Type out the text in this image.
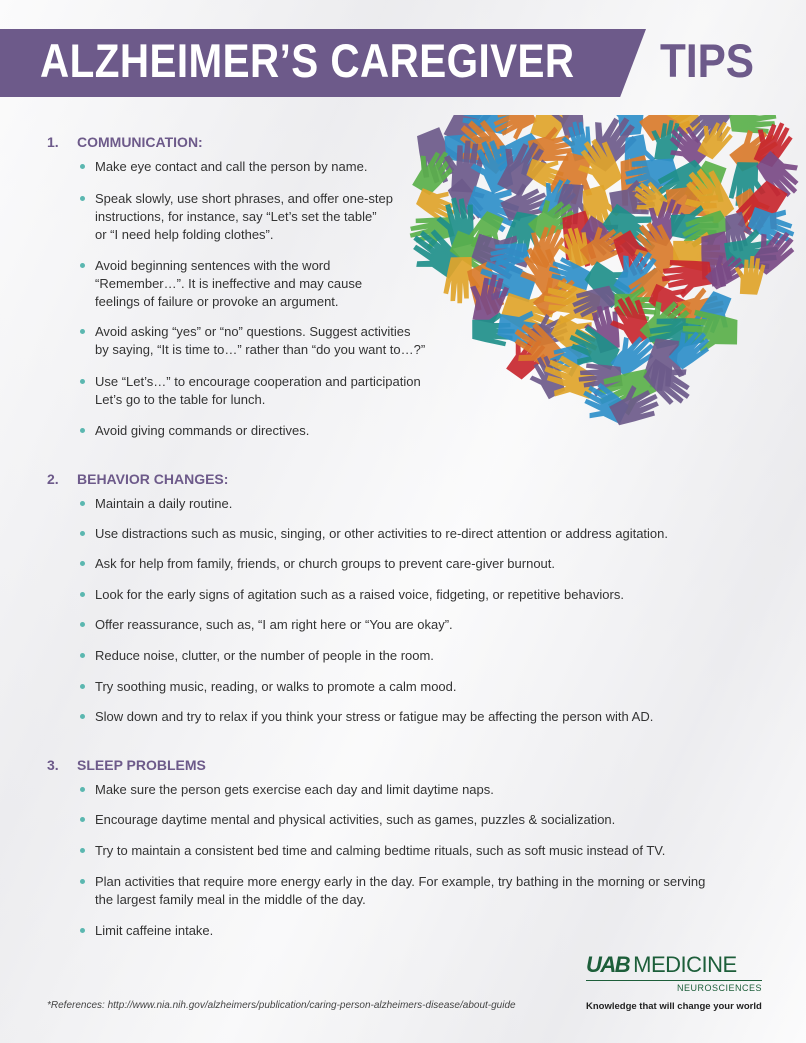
ALZHEIMER’S CAREGIVER TIPS
1. COMMUNICATION:
Make eye contact and call the person by name.
Speak slowly, use short phrases, and offer one-step
instructions, for instance, say “Let’s set the table”
or “I need help folding clothes”.
Avoid beginning sentences with the word
“Remember…”. It is ineffective and may cause
feelings of failure or provoke an argument.
Avoid asking “yes” or “no” questions. Suggest activities
by saying, “It is time to…” rather than “do you want to…?”
Use “Let’s…” to encourage cooperation and participation
Let’s go to the table for lunch.
Avoid giving commands or directives.
2. BEHAVIOR CHANGES:
Maintain a daily routine.
Use distractions such as music, singing, or other activities to re-direct attention or address agitation.
Ask for help from family, friends, or church groups to prevent care-giver burnout.
Look for the early signs of agitation such as a raised voice, fidgeting, or repetitive behaviors.
Offer reassurance, such as, “I am right here or “You are okay”.
Reduce noise, clutter, or the number of people in the room.
Try soothing music, reading, or walks to promote a calm mood.
Slow down and try to relax if you think your stress or fatigue may be affecting the person with AD.
3. SLEEP PROBLEMS
Make sure the person gets exercise each day and limit daytime naps.
Encourage daytime mental and physical activities, such as games, puzzles & socialization.
Try to maintain a consistent bed time and calming bedtime rituals, such as soft music instead of TV.
Plan activities that require more energy early in the day. For example, try bathing in the morning or serving
the largest family meal in the middle of the day.
Limit caffeine intake.
*References: http://www.nia.nih.gov/alzheimers/publication/caring-person-alzheimers-disease/about-guide
UAB MEDICINE
NEUROSCIENCES
Knowledge that will change your world
